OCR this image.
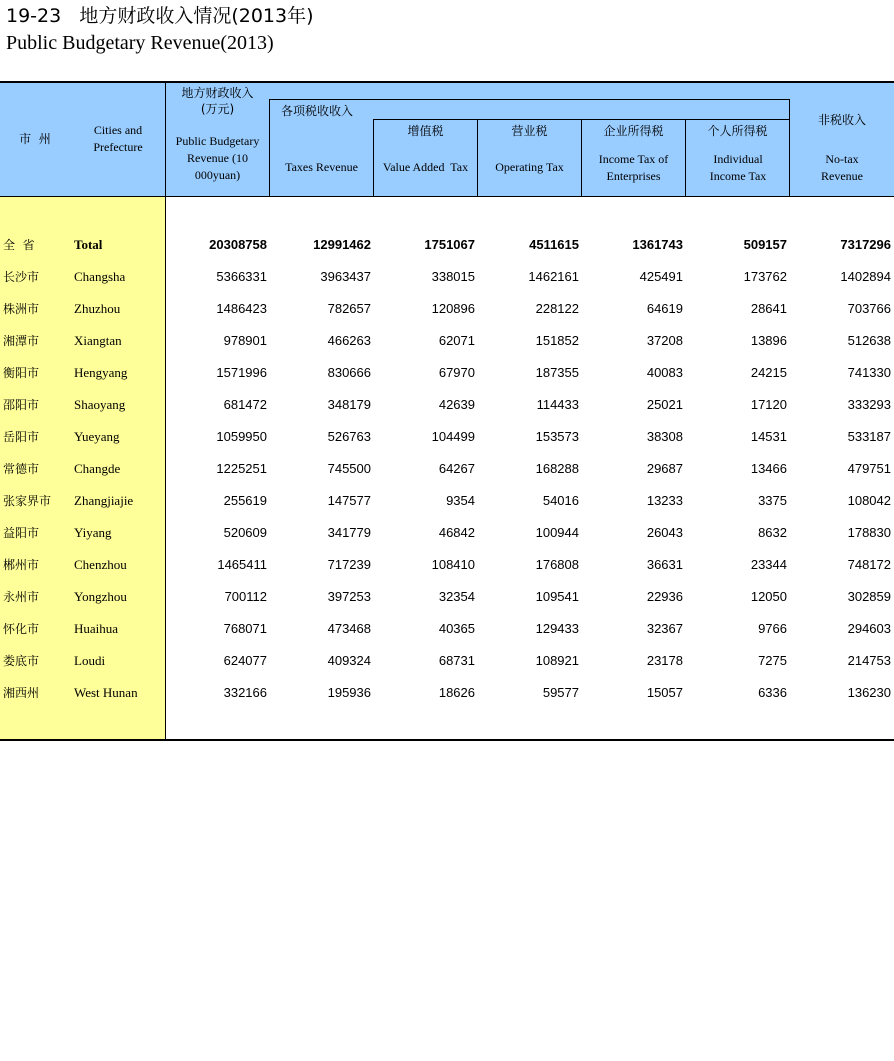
19-23   地方财政收入情况(2013年)
Public Budgetary Revenue(2013)
市  州
Cities and Prefecture
地方财政收入
(万元)
Public Budgetary Revenue (10 000yuan)
各项税收收入
Taxes Revenue
增值税
Value Added  Tax
营业税
Operating Tax
企业所得税
Income Tax of Enterprises
个人所得税
Individual Income Tax
非税收入
No-tax Revenue
全  省	Total	20308758	12991462	1751067	4511615	1361743	509157	7317296
长沙市	Changsha	5366331	3963437	338015	1462161	425491	173762	1402894
株洲市	Zhuzhou	1486423	782657	120896	228122	64619	28641	703766
湘潭市	Xiangtan	978901	466263	62071	151852	37208	13896	512638
衡阳市	Hengyang	1571996	830666	67970	187355	40083	24215	741330
邵阳市	Shaoyang	681472	348179	42639	114433	25021	17120	333293
岳阳市	Yueyang	1059950	526763	104499	153573	38308	14531	533187
常德市	Changde	1225251	745500	64267	168288	29687	13466	479751
张家界市 Zhangjiajie	255619	147577	9354	54016	13233	3375	108042
益阳市	Yiyang	520609	341779	46842	100944	26043	8632	178830
郴州市	Chenzhou	1465411	717239	108410	176808	36631	23344	748172
永州市	Yongzhou	700112	397253	32354	109541	22936	12050	302859
怀化市	Huaihua	768071	473468	40365	129433	32367	9766	294603
娄底市	Loudi	624077	409324	68731	108921	23178	7275	214753
湘西州	West Hunan	332166	195936	18626	59577	15057	6336	136230
